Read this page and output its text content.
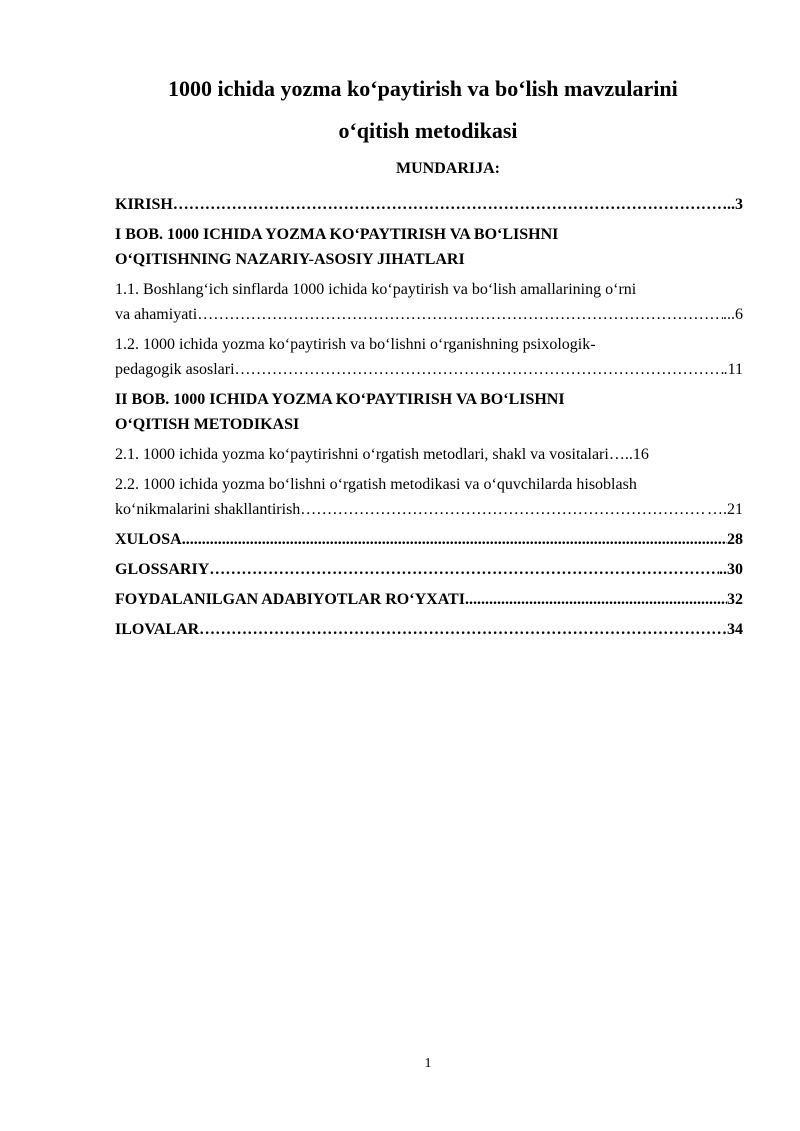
1000 ichida yozma ko‘paytirish va bo‘lish mavzularini
o‘qitish metodikasi
MUNDARIJA:
KIRISH …………………………………………………………………………………………………………………………………………………………………………	..3
I BOB. 1000 ICHIDA YOZMA KO‘PAYTIRISH VA BO‘LISHNI
O‘QITISHNING NAZARIY-ASOSIY JIHATLARI
1.1. Boshlang‘ich sinflarda 1000 ichida ko‘paytirish va bo‘lish amallarining o‘rni
va ahamiyati …………………………………………………………………………………………………………………………………………………………………………	...6
1.2. 1000 ichida yozma ko‘paytirish va bo‘lishni o‘rganishning psixologik-
pedagogik asoslari …………………………………………………………………………………………………………………………………………………………………………	.11
II BOB. 1000 ICHIDA YOZMA KO‘PAYTIRISH VA BO‘LISHNI
O‘QITISH METODIKASI
2.1. 1000 ichida yozma ko‘paytirishni o‘rgatish metodlari, shakl va vositalari…..16
2.2. 1000 ichida yozma bo‘lishni o‘rgatish metodikasi va o‘quvchilarda hisoblash
ko‘nikmalarini shakllantirish …………………………………………………………………………………………………………………………………………………………………………	….21
XULOSA .....	28
GLOSSARIY …………………………………………………………………………………………………………………………………………………………………………	..30
FOYDALANILGAN ADABIYOTLAR RO‘YXATI .....	32
ILOVALAR …………………………………………………………………………………………………………………………………………………………………………	34
1
